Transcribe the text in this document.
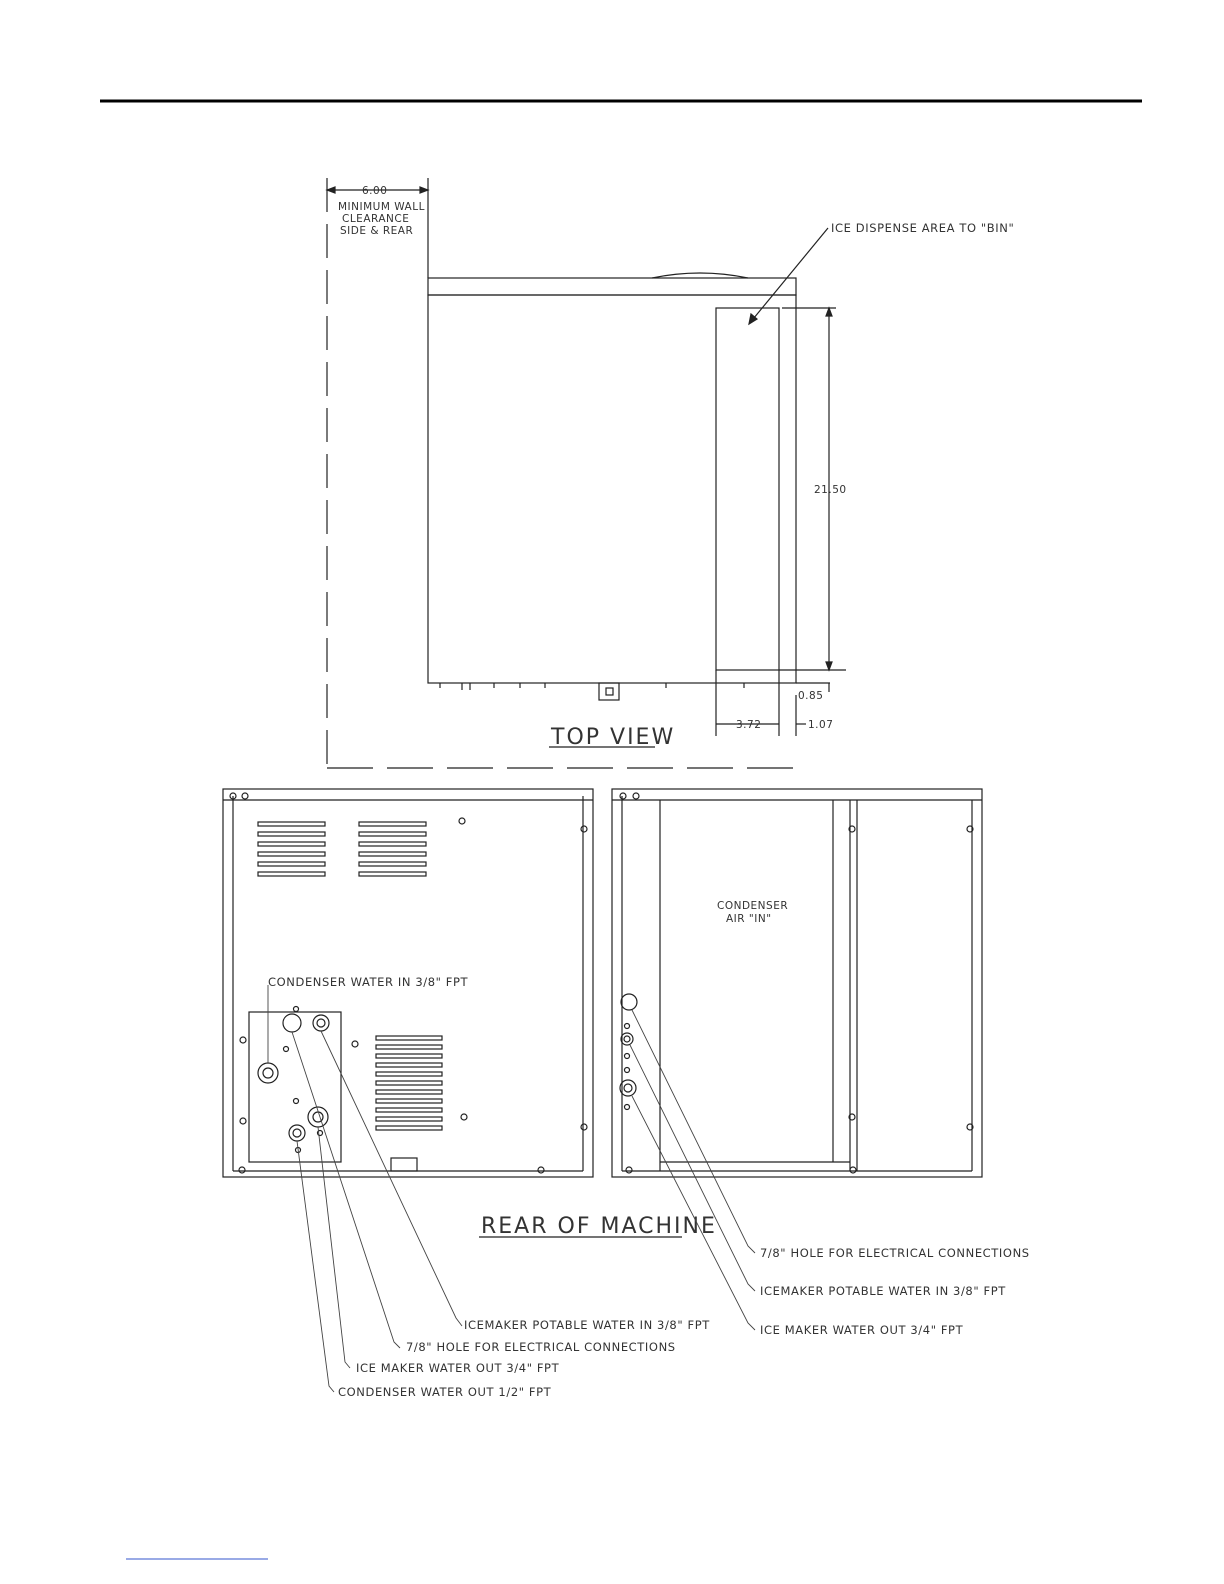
6.00
MINIMUM WALL
CLEARANCE
SIDE & REAR	ICE DISPENSE AREA TO "BIN"
21.50
0.85
3.72	1.07
TOP VIEW
CONDENSER
AIR "IN"
REAR OF MACHINE
CONDENSER WATER IN 3/8" FPT
ICEMAKER POTABLE WATER IN 3/8" FPT
7/8" HOLE FOR ELECTRICAL CONNECTIONS
ICE MAKER WATER OUT 3/4" FPT
CONDENSER WATER OUT 1/2" FPT
7/8" HOLE FOR ELECTRICAL CONNECTIONS
ICEMAKER POTABLE WATER IN 3/8" FPT
ICE MAKER WATER OUT 3/4" FPT
